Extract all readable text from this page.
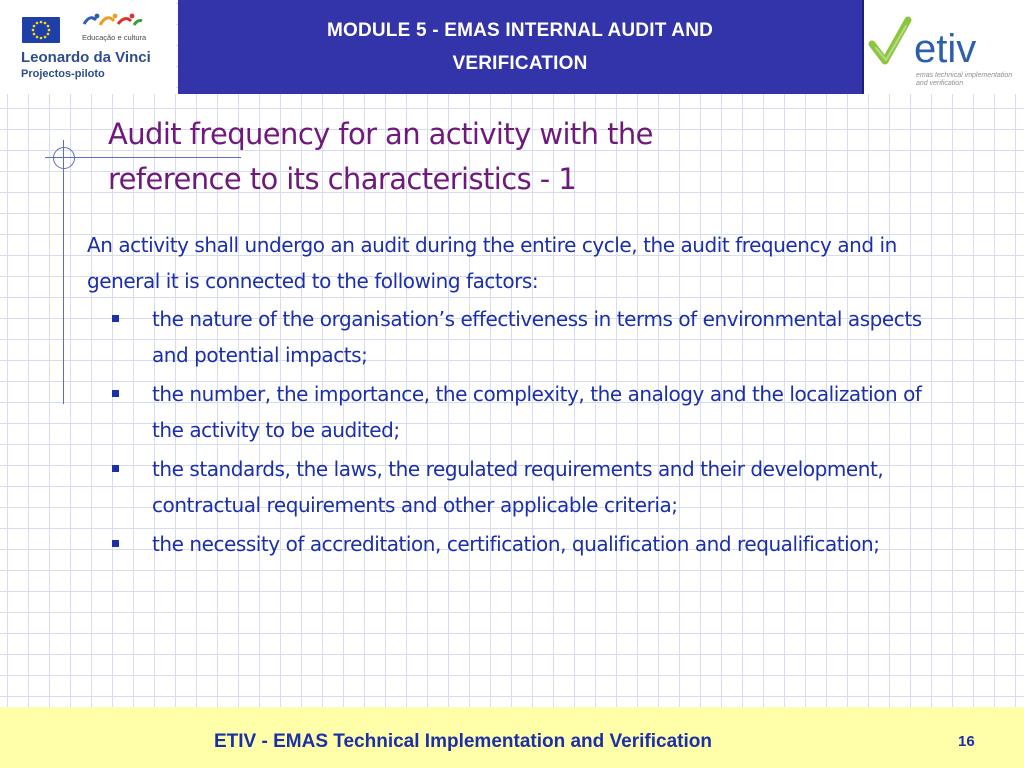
Educação e cultura
Leonardo da Vinci
Projectos-piloto
MODULE 5 - EMAS INTERNAL AUDIT AND
VERIFICATION	etiv
emas technical implementation
and verification
Audit frequency for an activity with the
reference to its characteristics - 1

An activity shall undergo an audit during the entire cycle, the audit frequency and in general it is connected to the following factors:

the nature of the organisation’s effectiveness in terms of environmental aspects and potential impacts;
the number, the importance, the complexity, the analogy and the localization of the activity to be audited;
the standards, the laws, the regulated requirements and their development, contractual requirements and other applicable criteria;
the necessity of accreditation, certification, qualification and requalification;
ETIV - EMAS Technical Implementation and Verification	16
